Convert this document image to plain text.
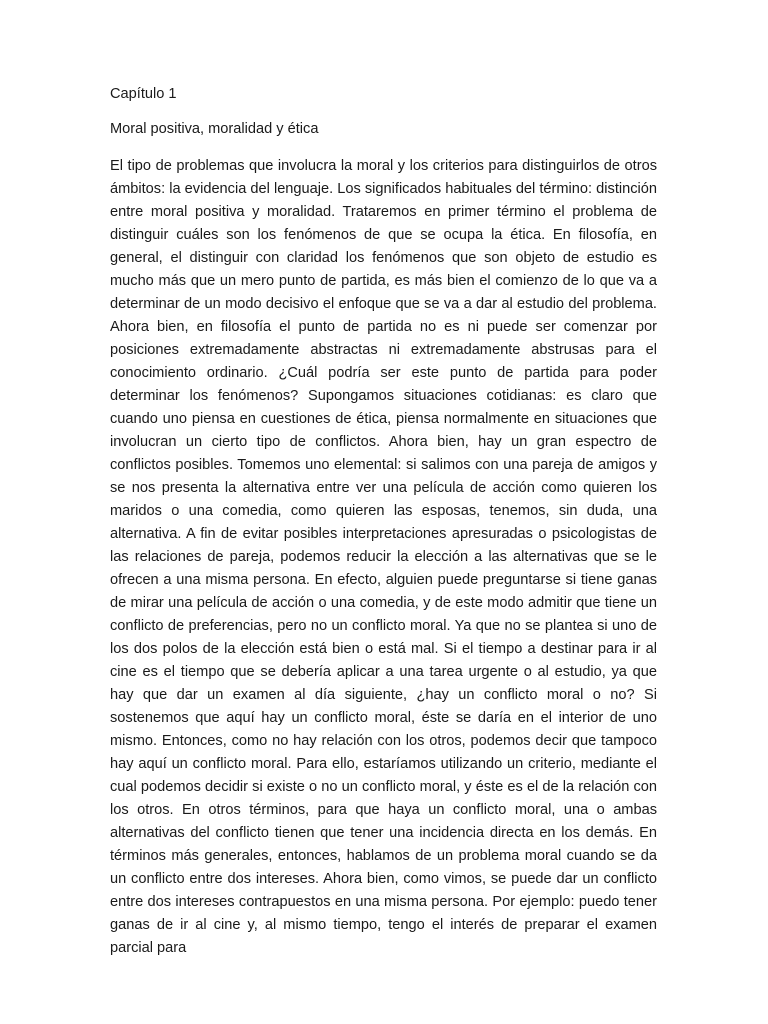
Capítulo 1
Moral positiva, moralidad y ética

El tipo de problemas que involucra la moral y los criterios para distinguirlos de otros ámbitos: la evidencia del lenguaje. Los significados habituales del término: distinción entre moral positiva y moralidad. Trataremos en primer término el problema de distinguir cuáles son los fenómenos de que se ocupa la ética. En filosofía, en general, el distinguir con claridad los fenómenos que son objeto de estudio es mucho más que un mero punto de partida, es más bien el comienzo de lo que va a determinar de un modo decisivo el enfoque que se va a dar al estudio del problema. Ahora bien, en filosofía el punto de partida no es ni puede ser comenzar por posiciones extremadamente abstractas ni extremadamente abstrusas para el conocimiento ordinario. ¿Cuál podría ser este punto de partida para poder determinar los fenómenos? Supongamos situaciones cotidianas: es claro que cuando uno piensa en cuestiones de ética, piensa normalmente en situaciones que involucran un cierto tipo de conflictos. Ahora bien, hay un gran espectro de conflictos posibles. Tomemos uno elemental: si salimos con una pareja de amigos y se nos presenta la alternativa entre ver una película de acción como quieren los maridos o una comedia, como quieren las esposas, tenemos, sin duda, una alternativa. A fin de evitar posibles interpretaciones apresuradas o psicologistas de las relaciones de pareja, podemos reducir la elección a las alternativas que se le ofrecen a una misma persona. En efecto, alguien puede preguntarse si tiene ganas de mirar una película de acción o una comedia, y de este modo admitir que tiene un conflicto de preferencias, pero no un conflicto moral. Ya que no se plantea si uno de los dos polos de la elección está bien o está mal. Si el tiempo a destinar para ir al cine es el tiempo que se debería aplicar a una tarea urgente o al estudio, ya que hay que dar un examen al día siguiente, ¿hay un conflicto moral o no? Si sostenemos que aquí hay un conflicto moral, éste se daría en el interior de uno mismo. Entonces, como no hay relación con los otros, podemos decir que tampoco hay aquí un conflicto moral. Para ello, estaríamos utilizando un criterio, mediante el cual podemos decidir si existe o no un conflicto moral, y éste es el de la relación con los otros. En otros términos, para que haya un conflicto moral, una o ambas alternativas del conflicto tienen que tener una incidencia directa en los demás. En términos más generales, entonces, hablamos de un problema moral cuando se da un conflicto entre dos intereses. Ahora bien, como vimos, se puede dar un conflicto entre dos intereses contrapuestos en una misma persona. Por ejemplo: puedo tener ganas de ir al cine y, al mismo tiempo, tengo el interés de preparar el examen parcial para
